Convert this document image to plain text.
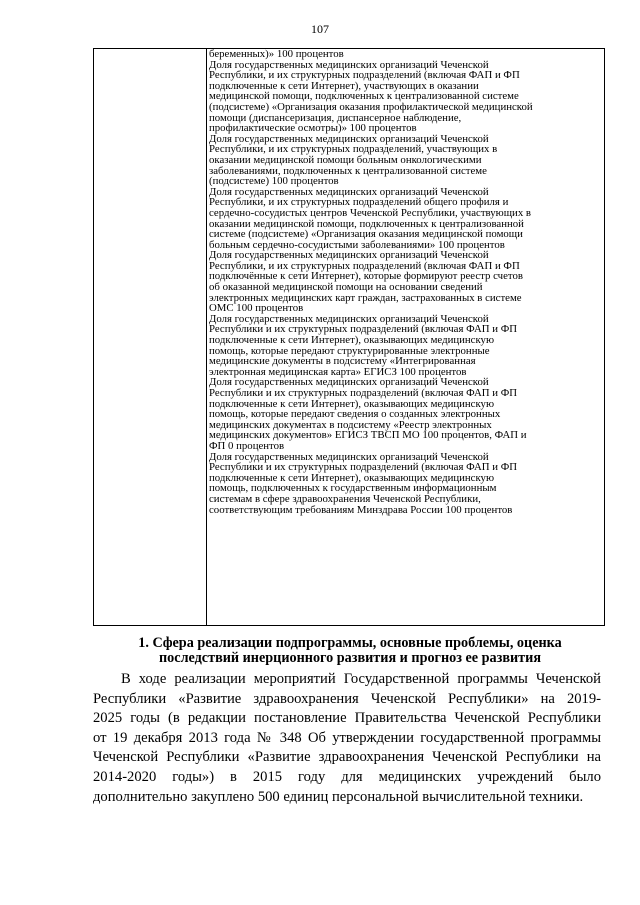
107
беременных)» 100 процентов
Доля государственных медицинских организаций Чеченской
Республики, и их структурных подразделений (включая ФАП и ФП
подключенные к сети Интернет), участвующих в оказании
медицинской помощи, подключенных к централизованной системе
(подсистеме) «Организация оказания профилактической медицинской
помощи (диспансеризация, диспансерное наблюдение,
профилактические осмотры)» 100 процентов
Доля государственных медицинских организаций Чеченской
Республики, и их структурных подразделений, участвующих в
оказании медицинской помощи больным онкологическими
заболеваниями, подключенных к централизованной системе
(подсистеме) 100 процентов
Доля государственных медицинских организаций Чеченской
Республики, и их структурных подразделений общего профиля и
сердечно-сосудистых центров Чеченской Республики, участвующих в
оказании медицинской помощи, подключенных к централизованной
системе (подсистеме) «Организация оказания медицинской помощи
больным сердечно-сосудистыми заболеваниями» 100 процентов
Доля государственных медицинских организаций Чеченской
Республики, и их структурных подразделений (включая ФАП и ФП
подключённые к сети Интернет), которые формируют реестр счетов
об оказанной медицинской помощи на основании сведений
электронных медицинских карт граждан, застрахованных в системе
ОМС 100 процентов
Доля государственных медицинских организаций Чеченской
Республики и их структурных подразделений (включая ФАП и ФП
подключенные к сети Интернет), оказывающих медицинскую
помощь, которые передают структурированные электронные
медицинские документы в подсистему «Интегрированная
электронная медицинская карта» ЕГИСЗ 100 процентов
Доля государственных медицинских организаций Чеченской
Республики и их структурных подразделений (включая ФАП и ФП
подключенные к сети Интернет), оказывающих медицинскую
помощь, которые передают сведения о созданных электронных
медицинских документах в подсистему «Реестр электронных
медицинских документов» ЕГИСЗ ТВСП МО 100 процентов, ФАП и
ФП 0 процентов
Доля государственных медицинских организаций Чеченской
Республики и их структурных подразделений (включая ФАП и ФП
подключенные к сети Интернет), оказывающих медицинскую
помощь, подключенных к государственным информационным
системам в сфере здравоохранения Чеченской Республики,
соответствующим требованиям Минздрава России 100 процентов
1. Сфера реализации подпрограммы, основные проблемы, оценка
последствий инерционного развития и прогноз ее развития
В ходе реализации мероприятий Государственной программы Чеченской
Республики «Развитие здравоохранения Чеченской Республики» на 2019-
2025 годы (в редакции постановление Правительства Чеченской Республики
от 19 декабря 2013 года № 348 Об утверждении государственной программы
Чеченской Республики «Развитие здравоохранения Чеченской Республики на
2014-2020 годы») в 2015 году для медицинских учреждений было
дополнительно закуплено 500 единиц персональной вычислительной техники.
